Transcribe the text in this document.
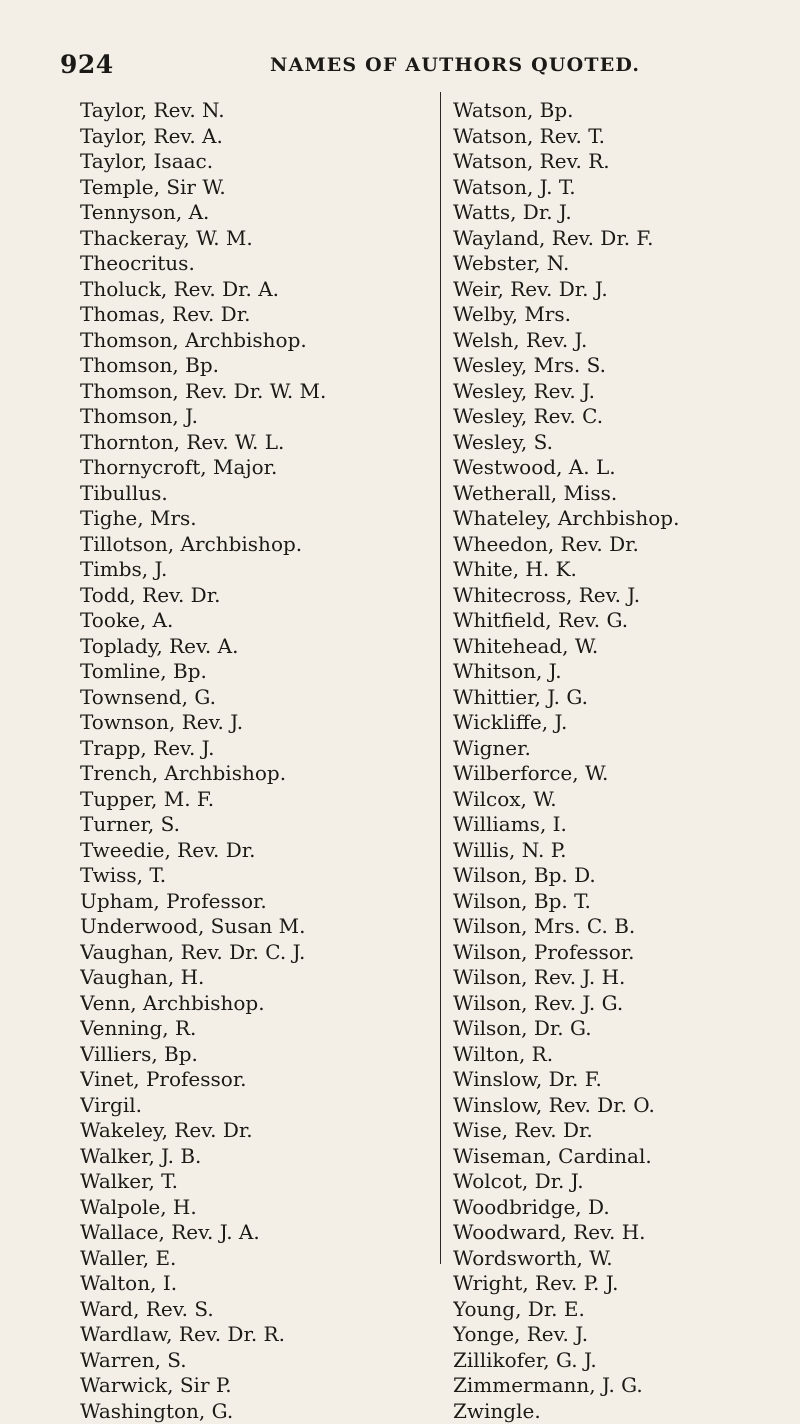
924	NAMES OF AUTHORS QUOTED.
Taylor, Rev. N.
Taylor, Rev. A.
Taylor, Isaac.
Temple, Sir W.
Tennyson, A.
Thackeray, W. M.
Theocritus.
Tholuck, Rev. Dr. A.
Thomas, Rev. Dr.
Thomson, Archbishop.
Thomson, Bp.
Thomson, Rev. Dr. W. M.
Thomson, J.
Thornton, Rev. W. L.
Thornycroft, Major.
Tibullus.
Tighe, Mrs.
Tillotson, Archbishop.
Timbs, J.
Todd, Rev. Dr.
Tooke, A.
Toplady, Rev. A.
Tomline, Bp.
Townsend, G.
Townson, Rev. J.
Trapp, Rev. J.
Trench, Archbishop.
Tupper, M. F.
Turner, S.
Tweedie, Rev. Dr.
Twiss, T.
Upham, Professor.
Underwood, Susan M.
Vaughan, Rev. Dr. C. J.
Vaughan, H.
Venn, Archbishop.
Venning, R.
Villiers, Bp.
Vinet, Professor.
Virgil.
Wakeley, Rev. Dr.
Walker, J. B.
Walker, T.
Walpole, H.
Wallace, Rev. J. A.
Waller, E.
Walton, I.
Ward, Rev. S.
Wardlaw, Rev. Dr. R.
Warren, S.
Warwick, Sir P.
Washington, G.
Watson, Bp.
Watson, Rev. T.
Watson, Rev. R.
Watson, J. T.
Watts, Dr. J.
Wayland, Rev. Dr. F.
Webster, N.
Weir, Rev. Dr. J.
Welby, Mrs.
Welsh, Rev. J.
Wesley, Mrs. S.
Wesley, Rev. J.
Wesley, Rev. C.
Wesley, S.
Westwood, A. L.
Wetherall, Miss.
Whateley, Archbishop.
Wheedon, Rev. Dr.
White, H. K.
Whitecross, Rev. J.
Whitfield, Rev. G.
Whitehead, W.
Whitson, J.
Whittier, J. G.
Wickliffe, J.
Wigner.
Wilberforce, W.
Wilcox, W.
Williams, I.
Willis, N. P.
Wilson, Bp. D.
Wilson, Bp. T.
Wilson, Mrs. C. B.
Wilson, Professor.
Wilson, Rev. J. H.
Wilson, Rev. J. G.
Wilson, Dr. G.
Wilton, R.
Winslow, Dr. F.
Winslow, Rev. Dr. O.
Wise, Rev. Dr.
Wiseman, Cardinal.
Wolcot, Dr. J.
Woodbridge, D.
Woodward, Rev. H.
Wordsworth, W.
Wright, Rev. P. J.
Young, Dr. E.
Yonge, Rev. J.
Zillikofer, G. J.
Zimmermann, J. G.
Zwingle.
